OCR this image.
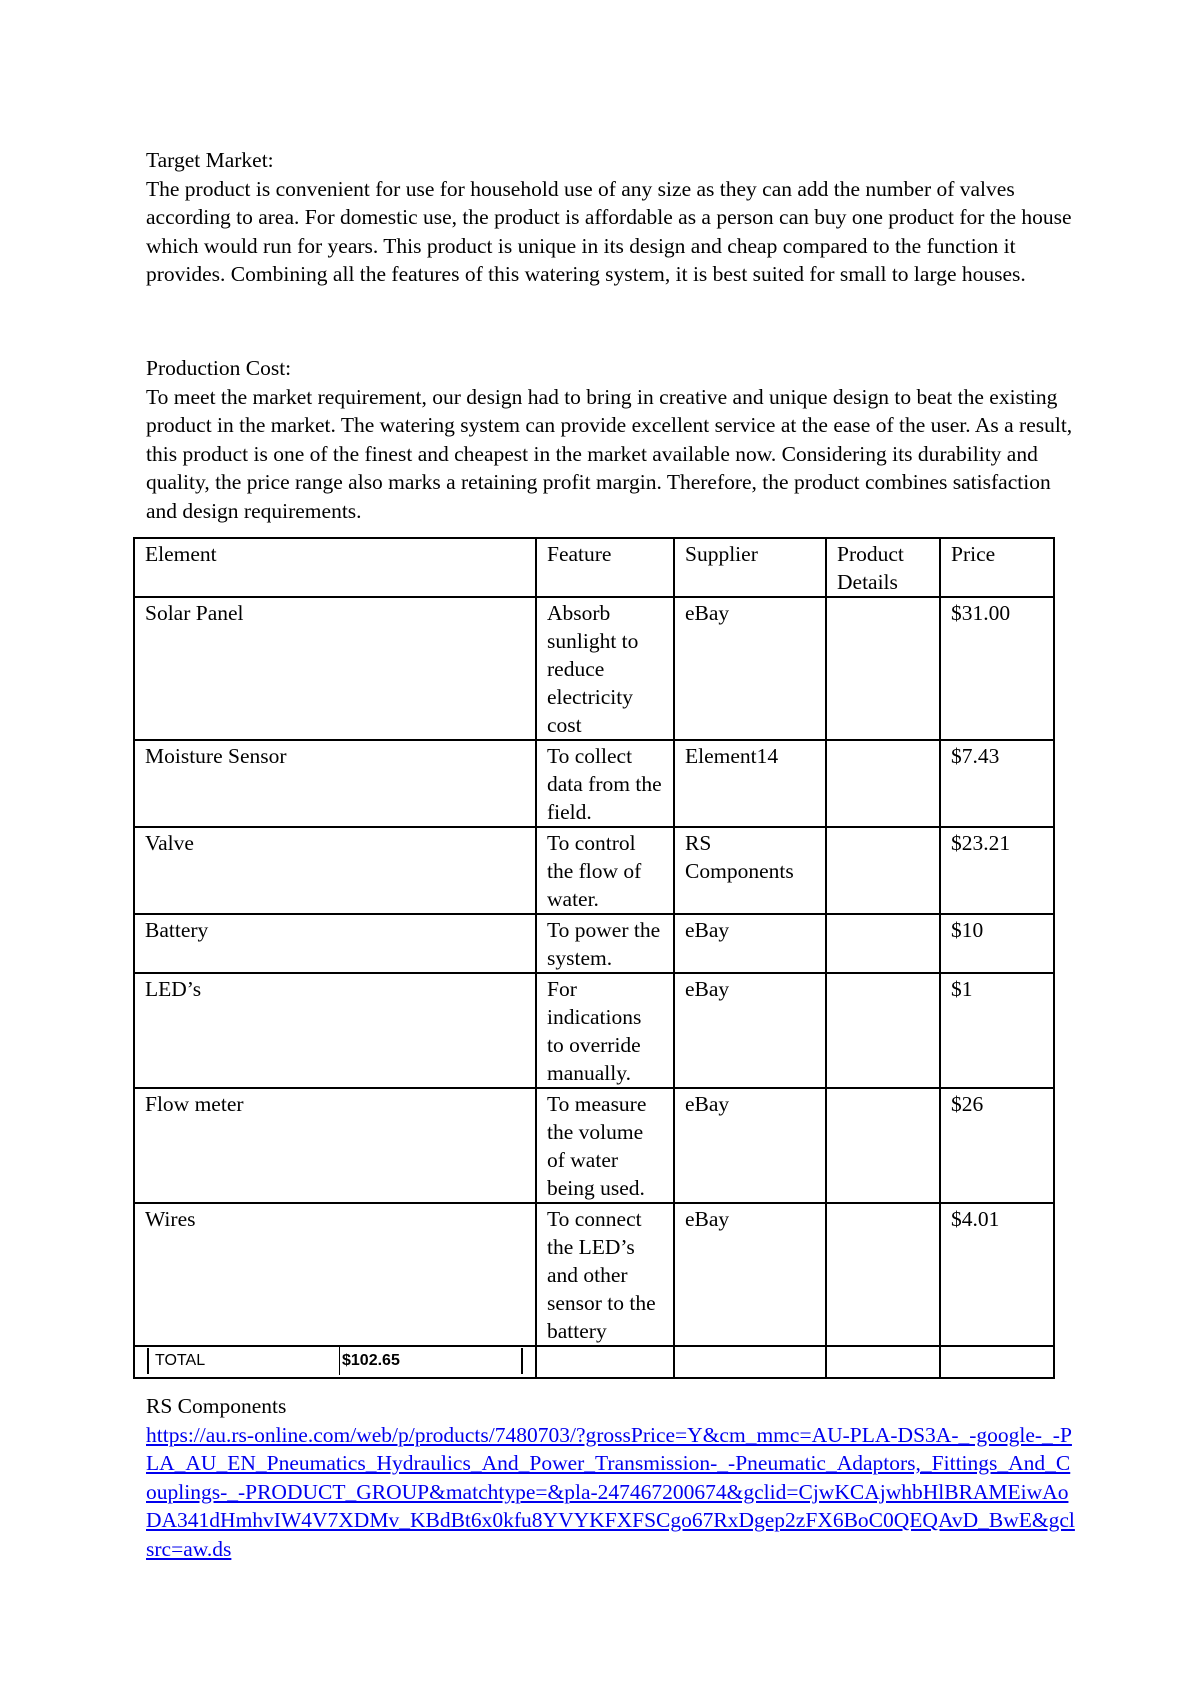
Target Market:

The product is convenient for use for household use of any size as they can add the number of valves according to area. For domestic use, the product is affordable as a person can buy one product for the house which would run for years. This product is unique in its design and cheap compared to the function it provides. Combining all the features of this watering system, it is best suited for small to large houses.

Production Cost:

To meet the market requirement, our design had to bring in creative and unique design to beat the existing product in the market. The watering system can provide excellent service at the ease of the user. As a result, this product is one of the finest and cheapest in the market available now. Considering its durability and quality, the price range also marks a retaining profit margin. Therefore, the product combines satisfaction and design requirements.

Element	Feature	Supplier	Product Details	Price
Solar Panel	Absorb sunlight to reduce electricity cost	eBay		$31.00
Moisture Sensor	To collect data from the field.	Element14		$7.43
Valve	To control the flow of water.	RS Components		$23.21
Battery	To power the system.	eBay		$10
LED’s	For indications to override manually.	eBay		$1
Flow meter	To measure the volume of water being used.	eBay		$26
Wires	To connect the LED’s and other sensor to the battery	eBay		$4.01

TOTAL $102.65				

RS Components

https://au.rs-online.com/web/p/products/7480703/?grossPrice=Y&cm_mmc=AU-PLA-DS3A-_-google-_-PLA_AU_EN_Pneumatics_Hydraulics_And_Power_Transmission-_-Pneumatic_Adaptors,_Fittings_And_Couplings-_-PRODUCT_GROUP&matchtype=&pla-247467200674&gclid=CjwKCAjwhbHlBRAMEiwAoDA341dHmhvIW4V7XDMv_KBdBt6x0kfu8YVYKFXFSCgo67RxDgep2zFX6BoC0QEQAvD_BwE&gclsrc=aw.ds
